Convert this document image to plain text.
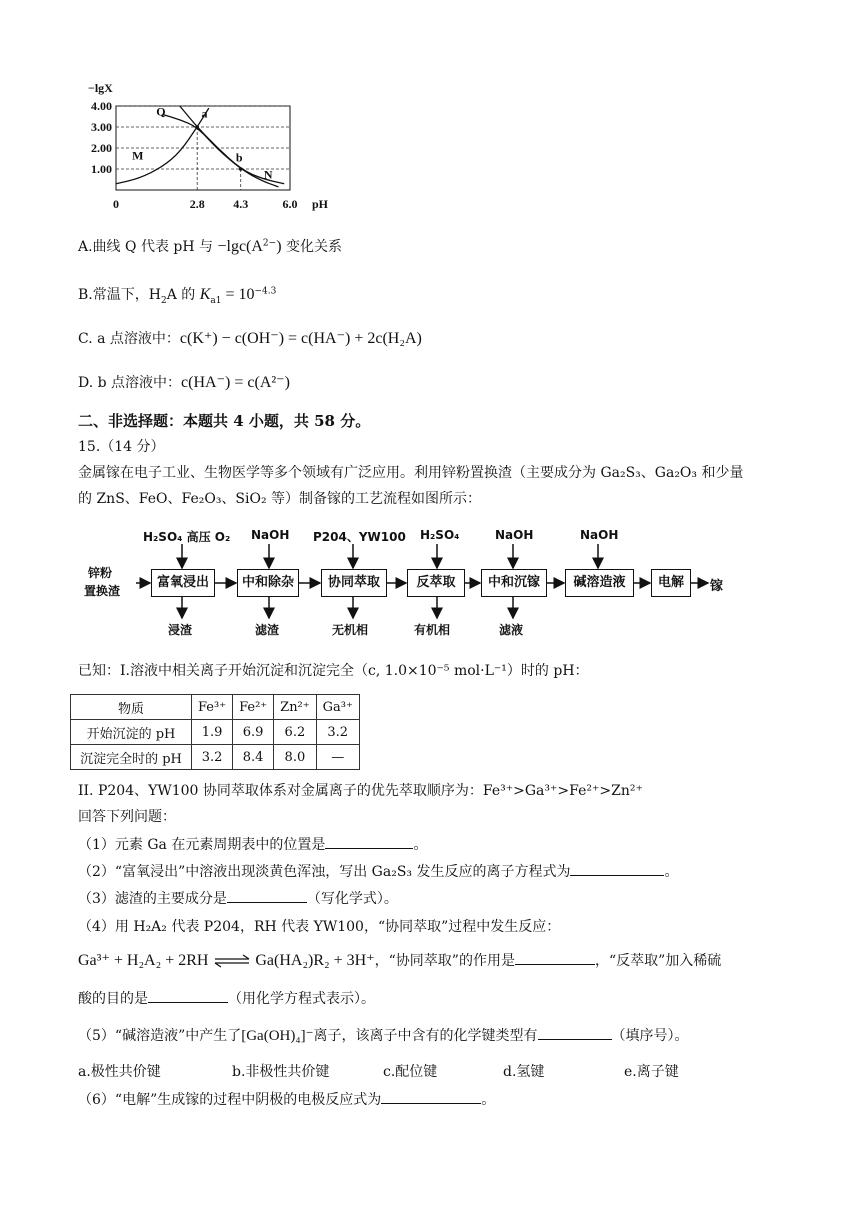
4.00
3.00
2.00
1.00
0	2.8 4.3	6.0
−lgX
pH
Q	a
M	b
N
A.曲线 Q 代表 pH 与 $-\lg c(A^{2-})$ 变化关系
B.常温下，$H_2A$ 的 $K_{a1} = 10^{-4.3}$
C. a 点溶液中：c(K⁺) − c(OH⁻) = c(HA⁻) + 2c(H₂A)
D. b 点溶液中：c(HA⁻) = c(A²⁻)
二、非选择题：本题共 4 小题，共 58 分。
15.（14 分）
金属镓在电子工业、生物医学等多个领域有广泛应用。利用锌粉置换渣（主要成分为 Ga₂S₃、Ga₂O₃ 和少量
的 ZnS、FeO、Fe₂O₃、SiO₂ 等）制备镓的工艺流程如图所示：
锌粉
置换渣
富氧浸出	中和除杂	协同萃取	反萃取	中和沉镓	碱溶造液	电解	镓
H₂SO₄ 高压 O₂ NaOH P204、YW100 H₂SO₄	NaOH	NaOH
浸渣	滤渣	无机相	有机相	滤液
已知：I.溶液中相关离子开始沉淀和沉淀完全（c, 1.0×10⁻⁵ mol·L⁻¹）时的 pH：
物质	Fe³⁺	Fe²⁺	Zn²⁺	Ga³⁺
开始沉淀的 pH	1.9	6.9	6.2	3.2
沉淀完全时的 pH	3.2	8.4	8.0	—
II. P204、YW100 协同萃取体系对金属离子的优先萃取顺序为：Fe³⁺>Ga³⁺>Fe²⁺>Zn²⁺
回答下列问题：
（1）元素 Ga 在元素周期表中的位置是	。
（2）“富氧浸出”中溶液出现淡黄色浑浊，写出 Ga₂S₃ 发生反应的离子方程式为	。
（3）滤渣的主要成分是	（写化学式）。
（4）用 H₂A₂ 代表 P204，RH 代表 YW100，“协同萃取”过程中发生反应：
Ga³⁺ + H₂A₂ + 2RH ⇌ Ga(HA₂)R₂ + 3H⁺，“协同萃取”的作用是	，“反萃取”加入稀硫
酸的目的是	（用化学方程式表示）。
（5）“碱溶造液”中产生了[Ga(OH)₄]⁻离子，该离子中含有的化学键类型有	（填序号）。
a.极性共价键	b.非极性共价键	c.配位键	d.氢键	e.离子键
（6）“电解”生成镓的过程中阴极的电极反应式为	。
